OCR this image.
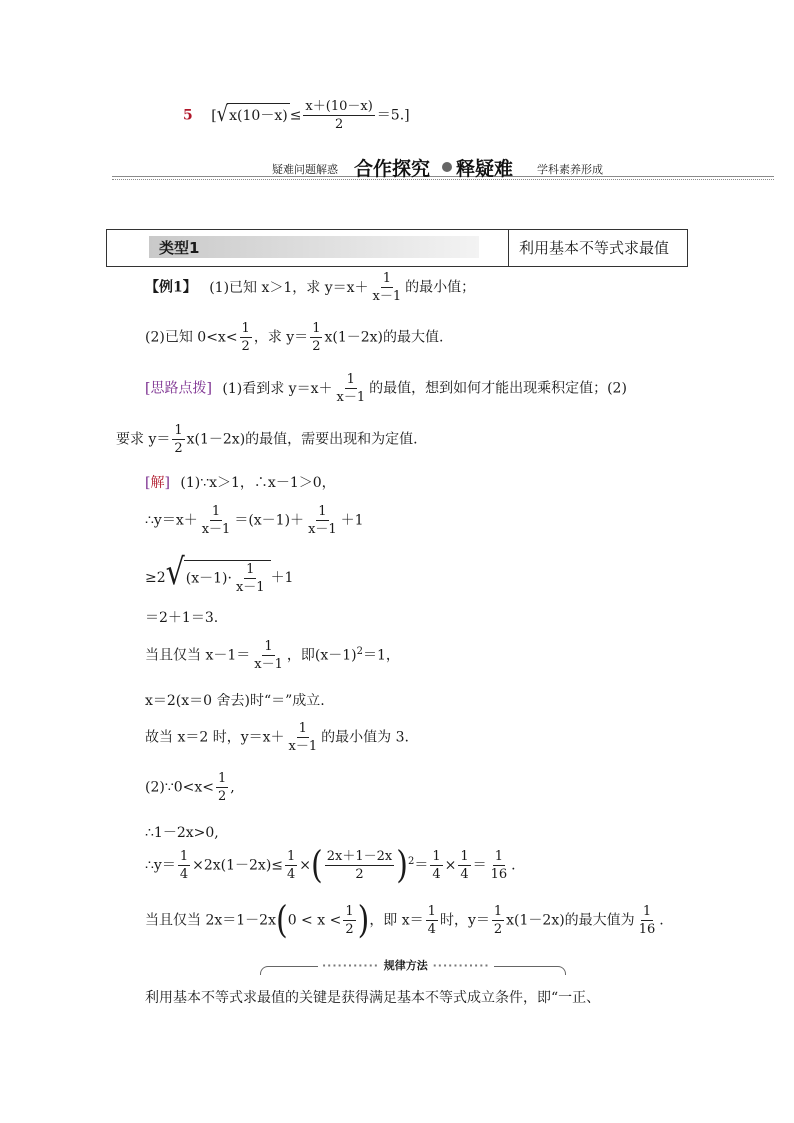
5 $[√x(10-x) \le \frac{x+(10-x)}{2} =5.]$
疑难问题解惑 合作探究 释疑难 学科素养形成
类型1	利用基本不等式求最值
【例1】 (1)已知 x＞1，求 $y=x+ \frac{1}{x-1}$ 的最小值；
(2)已知 $0<x< \frac{1}{2}$ ，求 $y= \frac{1}{2} x(1-2x)$的最大值.
[思路点拨] (1)看到求 $y=x+ \frac{1}{x-1}$ 的最值，想到如何才能出现乘积定值；(2)
要求 $y= \frac{1}{2} x(1-2x)$的最值，需要出现和为定值.
[解] (1)∵x＞1，∴x－1＞0，
∴y＝x＋ $\frac{1}{x-1} =(x-1)+ \frac{1}{x-1} +1$
$\ge 2√(x-1)\cdot \frac{1}{x-1} +1$
＝2＋1＝3.
当且仅当 $x-1= \frac{1}{x-1}$ ，即$(x-1)^2=1$，
x＝2(x＝0 舍去)时“＝”成立.
故当 x＝2 时，$y=x+ \frac{1}{x-1}$ 的最小值为 3.
(2)∵0<x< $\frac{1}{2}$ ,
∴1－2x>0,
∴y＝ $\frac{1}{4} \times 2x(1-2x)\le \frac{1}{4}$ ×( $\frac{2x+1-2x}{2} )^2= \frac{1}{4} \times \frac{1}{4} = \frac{1}{16}$ .
当且仅当 $2x=1-2x(0 < x < \frac{1}{2}$ )，即 $x= \frac{1}{4}$ 时，$y= \frac{1}{2} x(1-2x)$的最大值为 $\frac{1}{16}$ .
··········· 规律方法 ···········
利用基本不等式求最值的关键是获得满足基本不等式成立条件，即“一正、
